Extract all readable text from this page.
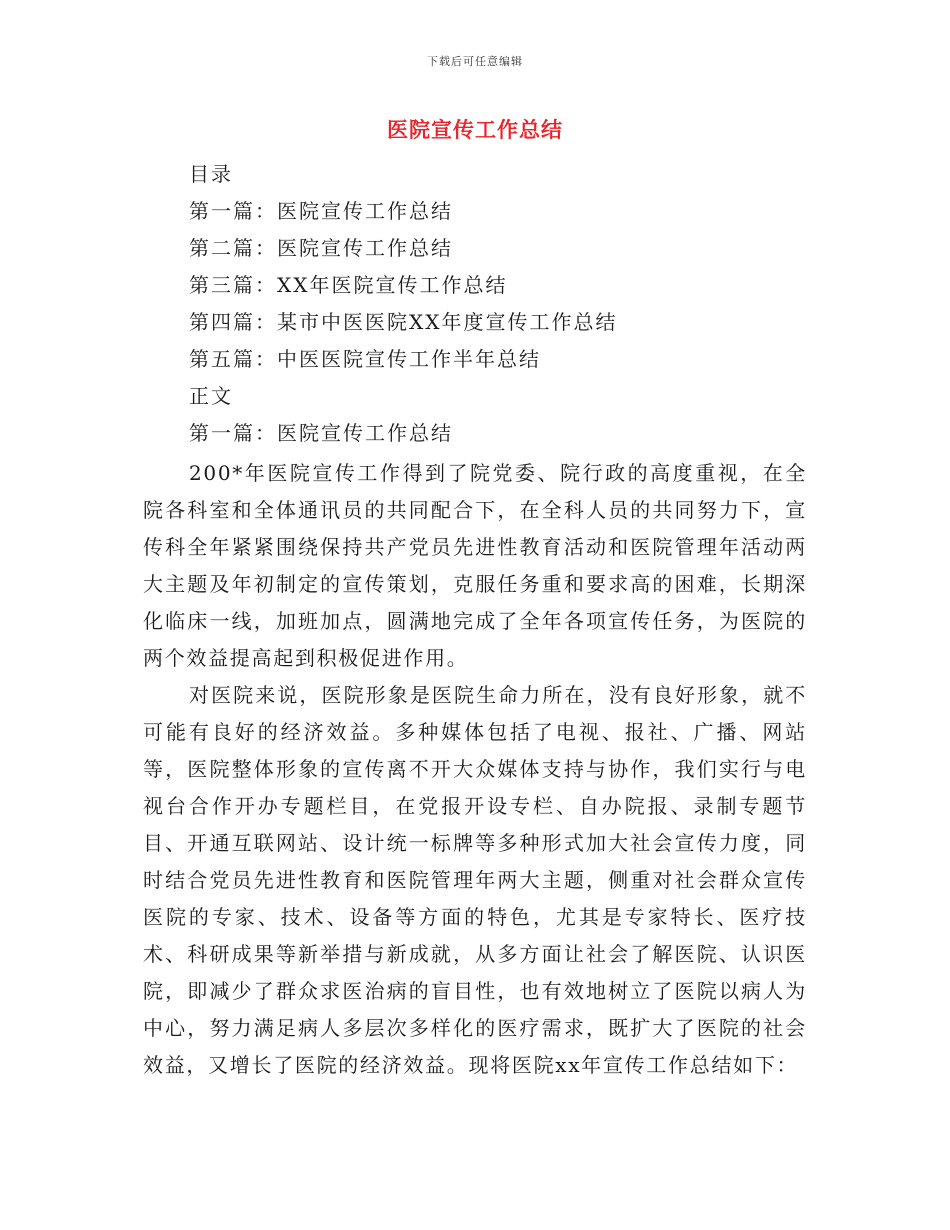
下载后可任意编辑
医院宣传工作总结
目录
第一篇：医院宣传工作总结
第二篇：医院宣传工作总结
第三篇：XX年医院宣传工作总结
第四篇：某市中医医院XX年度宣传工作总结
第五篇：中医医院宣传工作半年总结
正文
第一篇：医院宣传工作总结

200*年医院宣传工作得到了院党委、院行政的高度重视，在全院各科室和全体通讯员的共同配合下，在全科人员的共同努力下，宣传科全年紧紧围绕保持共产党员先进性教育活动和医院管理年活动两大主题及年初制定的宣传策划，克服任务重和要求高的困难，长期深化临床一线，加班加点，圆满地完成了全年各项宣传任务，为医院的两个效益提高起到积极促进作用。

对医院来说，医院形象是医院生命力所在，没有良好形象，就不可能有良好的经济效益。多种媒体包括了电视、报社、广播、网站等，医院整体形象的宣传离不开大众媒体支持与协作，我们实行与电视台合作开办专题栏目，在党报开设专栏、自办院报、录制专题节目、开通互联网站、设计统一标牌等多种形式加大社会宣传力度，同时结合党员先进性教育和医院管理年两大主题，侧重对社会群众宣传医院的专家、技术、设备等方面的特色，尤其是专家特长、医疗技术、科研成果等新举措与新成就，从多方面让社会了解医院、认识医院，即减少了群众求医治病的盲目性，也有效地树立了医院以病人为中心，努力满足病人多层次多样化的医疗需求，既扩大了医院的社会效益，又增长了医院的经济效益。现将医院xx年宣传工作总结如下：
